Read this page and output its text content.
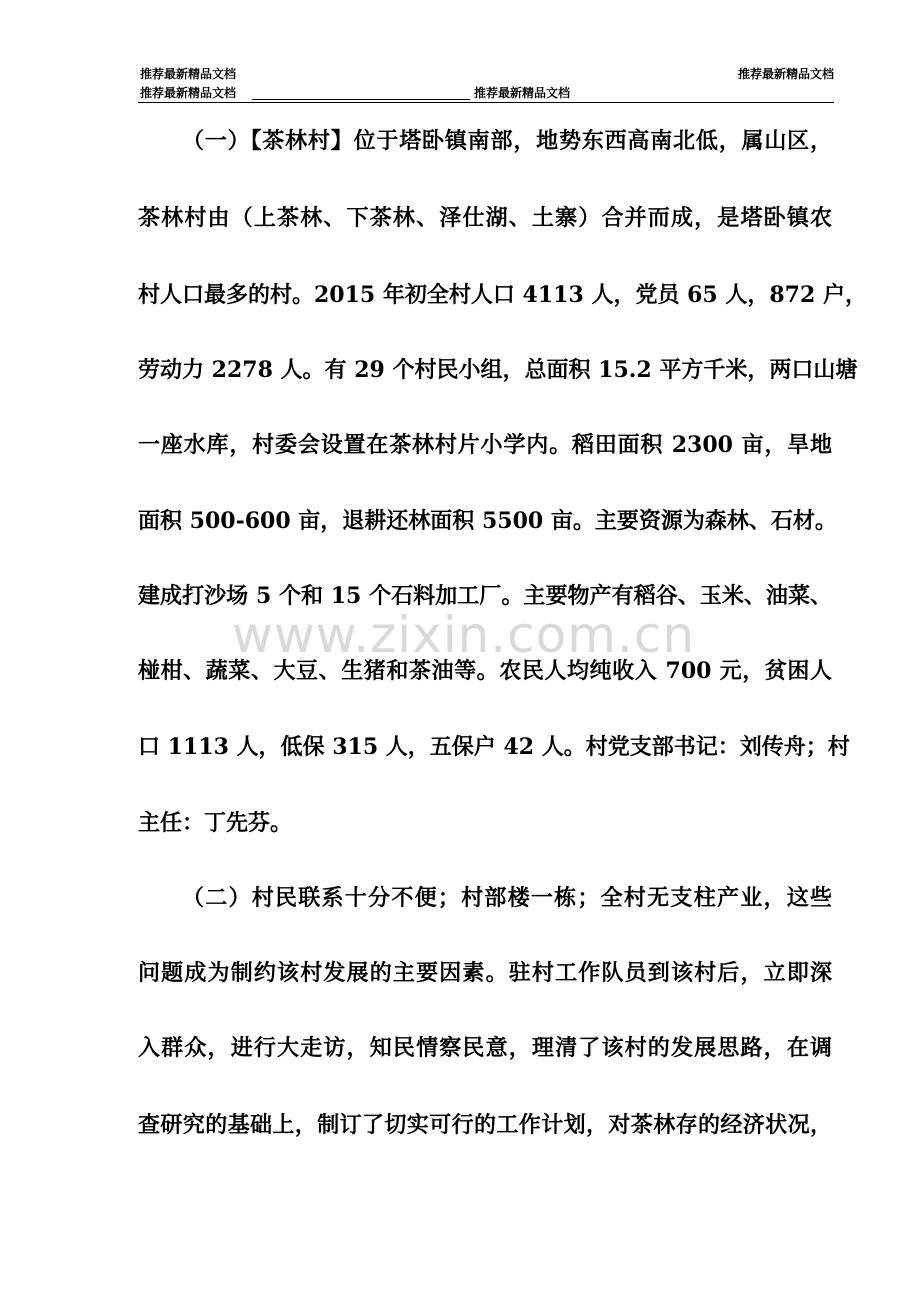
推荐最新精品文档	推荐最新精品文档
推荐最新精品文档	推荐最新精品文档
（一）【茶林村】位于塔卧镇南部，地势东西高南北低，属山区，
茶林村由（上茶林、下茶林、泽仕湖、土寨）合并而成，是塔卧镇农
村人口最多的村。2015 年初全村人口 4113 人，党员 65 人，872 户，
劳动力 2278 人。有 29 个村民小组，总面积 15.2 平方千米，两口山塘
一座水库，村委会设置在茶林村片小学内。稻田面积 2300 亩，旱地
面积 500-600 亩，退耕还林面积 5500 亩。主要资源为森林、石材。
建成打沙场 5 个和 15 个石料加工厂。主要物产有稻谷、玉米、油菜、
椪柑、蔬菜、大豆、生猪和茶油等。农民人均纯收入 700 元，贫困人
口 1113 人，低保 315 人，五保户 42 人。村党支部书记：刘传舟；村
主任：丁先芬。
（二）村民联系十分不便；村部楼一栋；全村无支柱产业，这些
问题成为制约该村发展的主要因素。驻村工作队员到该村后，立即深
入群众，进行大走访，知民情察民意，理清了该村的发展思路，在调
查研究的基础上，制订了切实可行的工作计划，对茶林存的经济状况，
www.zixin.com.cn
